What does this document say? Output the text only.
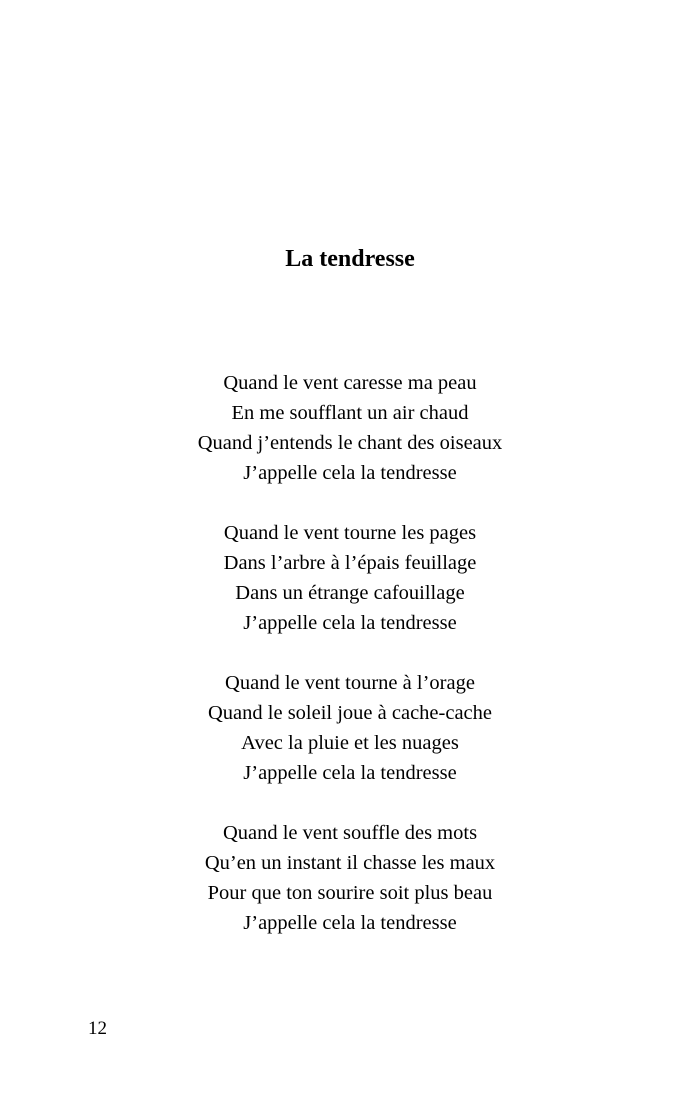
La tendresse
Quand le vent caresse ma peau
En me soufflant un air chaud
Quand j’entends le chant des oiseaux
J’appelle cela la tendresse
Quand le vent tourne les pages
Dans l’arbre à l’épais feuillage
Dans un étrange cafouillage
J’appelle cela la tendresse
Quand le vent tourne à l’orage
Quand le soleil joue à cache-cache
Avec la pluie et les nuages
J’appelle cela la tendresse
Quand le vent souffle des mots
Qu’en un instant il chasse les maux
Pour que ton sourire soit plus beau
J’appelle cela la tendresse
12
